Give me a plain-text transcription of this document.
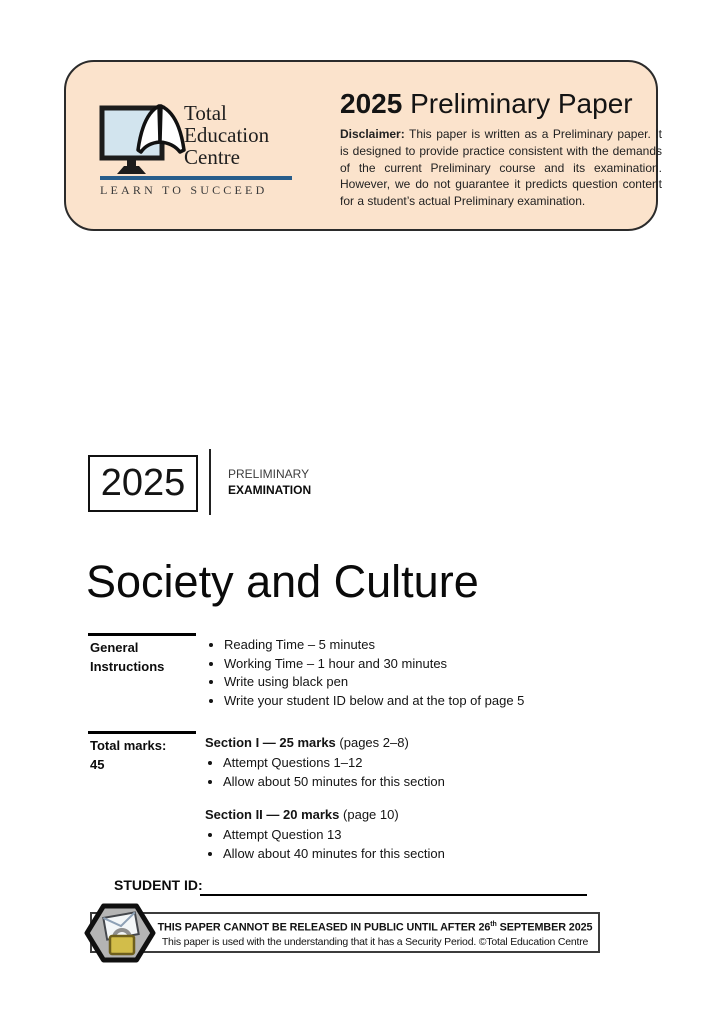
Total
Education
Centre
LEARN TO SUCCEED
2025 Preliminary Paper
Disclaimer: This paper is written as a Preliminary paper. It is designed to provide practice consistent with the demands of the current Preliminary course and its examination. However, we do not guarantee it predicts question content for a student’s actual Preliminary examination.
2025	PRELIMINARY
EXAMINATION
Society and Culture
General
Instructions
• Reading Time – 5 minutes
• Working Time – 1 hour and 30 minutes
• Write using black pen
• Write your student ID below and at the top of page 5
Total marks:
45
Section I — 25 marks (pages 2–8)
• Attempt Questions 1–12
• Allow about 50 minutes for this section
Section II — 20 marks (page 10)
• Attempt Question 13
• Allow about 40 minutes for this section
STUDENT ID:
THIS PAPER CANNOT BE RELEASED IN PUBLIC UNTIL AFTER 26th SEPTEMBER 2025
This paper is used with the understanding that it has a Security Period. ©Total Education Centre
